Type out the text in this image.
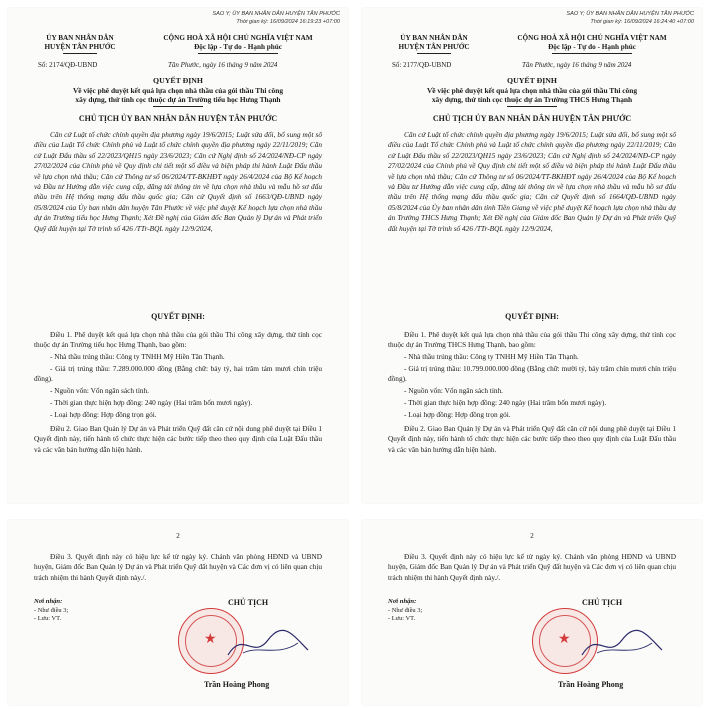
SAO Y; ỦY BAN NHÂN DÂN HUYỆN TÂN PHƯỚC
Thời gian ký: 16/09/2024 16:19:23 +07:00
ỦY BAN NHÂN DÂN
HUYỆN TÂN PHƯỚC
Số: 2174/QĐ-UBND
CỘNG HOÀ XÃ HỘI CHỦ NGHĨA VIỆT NAM
Độc lập - Tự do - Hạnh phúc
Tân Phước, ngày 16 tháng 9 năm 2024
QUYẾT ĐỊNH
Về việc phê duyệt kết quả lựa chọn nhà thầu của gói thầu Thi công
xây dựng, thử tính cọc thuộc dự án Trường tiểu học Hưng Thạnh
CHỦ TỊCH ỦY BAN NHÂN DÂN HUYỆN TÂN PHƯỚC
Căn cứ Luật tổ chức chính quyền địa phương ngày 19/6/2015; Luật sửa đổi, bổ sung một số điều của Luật Tổ chức Chính phủ và Luật tổ chức chính quyền địa phương ngày 22/11/2019; Căn cứ Luật Đấu thầu số 22/2023/QH15 ngày 23/6/2023; Căn cứ Nghị định số 24/2024/NĐ-CP ngày 27/02/2024 của Chính phủ về Quy định chi tiết một số điều và biện pháp thi hành Luật Đấu thầu về lựa chọn nhà thầu; Căn cứ Thông tư số 06/2024/TT-BKHĐT ngày 26/4/2024 của Bộ Kế hoạch và Đầu tư Hướng dẫn việc cung cấp, đăng tải thông tin về lựa chọn nhà thầu và mẫu hồ sơ đấu thầu trên Hệ thống mạng đấu thầu quốc gia; Căn cứ Quyết định số 1663/QĐ-UBND ngày 05/8/2024 của Ủy ban nhân dân huyện Tân Phước về việc phê duyệt Kế hoạch lựa chọn nhà thầu dự án Trường tiểu học Hưng Thạnh; Xét Đề nghị của Giám đốc Ban Quản lý Dự án và Phát triển Quỹ đất huyện tại Tờ trình số 426 /TTr-BQL ngày 12/9/2024,
QUYẾT ĐỊNH:
Điều 1. Phê duyệt kết quả lựa chọn nhà thầu của gói thầu Thi công xây dựng, thử tính cọc thuộc dự án Trường tiểu học Hưng Thạnh, bao gồm:
- Nhà thầu trúng thầu: Công ty TNHH Mỹ Hiền Tân Thạnh.
- Giá trị trúng thầu: 7.289.000.000 đồng (Bằng chữ: bảy tỷ, hai trăm tám mươi chín triệu đồng).
- Nguồn vốn: Vốn ngân sách tỉnh.
- Thời gian thực hiện hợp đồng: 240 ngày (Hai trăm bốn mươi ngày).
- Loại hợp đồng: Hợp đồng trọn gói.
Điều 2. Giao Ban Quản lý Dự án và Phát triển Quỹ đất căn cứ nội dung phê duyệt tại Điều 1 Quyết định này, tiến hành tổ chức thực hiện các bước tiếp theo theo quy định của Luật Đấu thầu và các văn bản hướng dẫn hiện hành.
2
Điều 3. Quyết định này có hiệu lực kể từ ngày ký. Chánh văn phòng HĐND và UBND huyện, Giám đốc Ban Quản lý Dự án và Phát triển Quỹ đất huyện và Các đơn vị có liên quan chịu trách nhiệm thi hành Quyết định này./.
Nơi nhận:
- Như điều 3;
- Lưu: VT.
CHỦ TỊCH
★
Trần Hoàng Phong
SAO Y; ỦY BAN NHÂN DÂN HUYỆN TÂN PHƯỚC
Thời gian ký: 16/09/2024 16:24:40 +07:00
ỦY BAN NHÂN DÂN
HUYỆN TÂN PHƯỚC
Số: 2177/QĐ-UBND
CỘNG HOÀ XÃ HỘI CHỦ NGHĨA VIỆT NAM
Độc lập - Tự do - Hạnh phúc
Tân Phước, ngày 16 tháng 9 năm 2024
QUYẾT ĐỊNH
Về việc phê duyệt kết quả lựa chọn nhà thầu của gói thầu Thi công
xây dựng, thử tính cọc thuộc dự án Trường THCS Hưng Thạnh
CHỦ TỊCH ỦY BAN NHÂN DÂN HUYỆN TÂN PHƯỚC
Căn cứ Luật tổ chức chính quyền địa phương ngày 19/6/2015; Luật sửa đổi, bổ sung một số điều của Luật Tổ chức Chính phủ và Luật tổ chức chính quyền địa phương ngày 22/11/2019; Căn cứ Luật Đấu thầu số 22/2023/QH15 ngày 23/6/2023; Căn cứ Nghị định số 24/2024/NĐ-CP ngày 27/02/2024 của Chính phủ về Quy định chi tiết một số điều và biện pháp thi hành Luật Đấu thầu về lựa chọn nhà thầu; Căn cứ Thông tư số 06/2024/TT-BKHĐT ngày 26/4/2024 của Bộ Kế hoạch và Đầu tư Hướng dẫn việc cung cấp, đăng tải thông tin về lựa chọn nhà thầu và mẫu hồ sơ đấu thầu trên Hệ thống mạng đấu thầu quốc gia; Căn cứ Quyết định số 1664/QĐ-UBND ngày 05/8/2024 của Ủy ban nhân dân tỉnh Tiền Giang về việc phê duyệt Kế hoạch lựa chọn nhà thầu dự án Trường THCS Hưng Thạnh; Xét Đề nghị của Giám đốc Ban Quản lý Dự án và Phát triển Quỹ đất huyện tại Tờ trình số 426 /TTr-BQL ngày 12/9/2024,
QUYẾT ĐỊNH:
Điều 1. Phê duyệt kết quả lựa chọn nhà thầu của gói thầu Thi công xây dựng, thử tính cọc thuộc dự án Trường THCS Hưng Thạnh, bao gồm:
- Nhà thầu trúng thầu: Công ty TNHH Mỹ Hiền Tân Thạnh.
- Giá trị trúng thầu: 10.799.000.000 đồng (Bằng chữ: mười tỷ, bảy trăm chín mươi chín triệu đồng).
- Nguồn vốn: Vốn ngân sách tỉnh.
- Thời gian thực hiện hợp đồng: 240 ngày (Hai trăm bốn mươi ngày).
- Loại hợp đồng: Hợp đồng trọn gói.
Điều 2. Giao Ban Quản lý Dự án và Phát triển Quỹ đất căn cứ nội dung phê duyệt tại Điều 1 Quyết định này, tiến hành tổ chức thực hiện các bước tiếp theo theo quy định của Luật Đấu thầu và các văn bản hướng dẫn hiện hành.
2
Điều 3. Quyết định này có hiệu lực kể từ ngày ký. Chánh văn phòng HĐND và UBND huyện, Giám đốc Ban Quản lý Dự án và Phát triển Quỹ đất huyện và Các đơn vị có liên quan chịu trách nhiệm thi hành Quyết định này./.
Nơi nhận:
- Như điều 3;
- Lưu: VT.
CHỦ TỊCH
★
Trần Hoàng Phong
